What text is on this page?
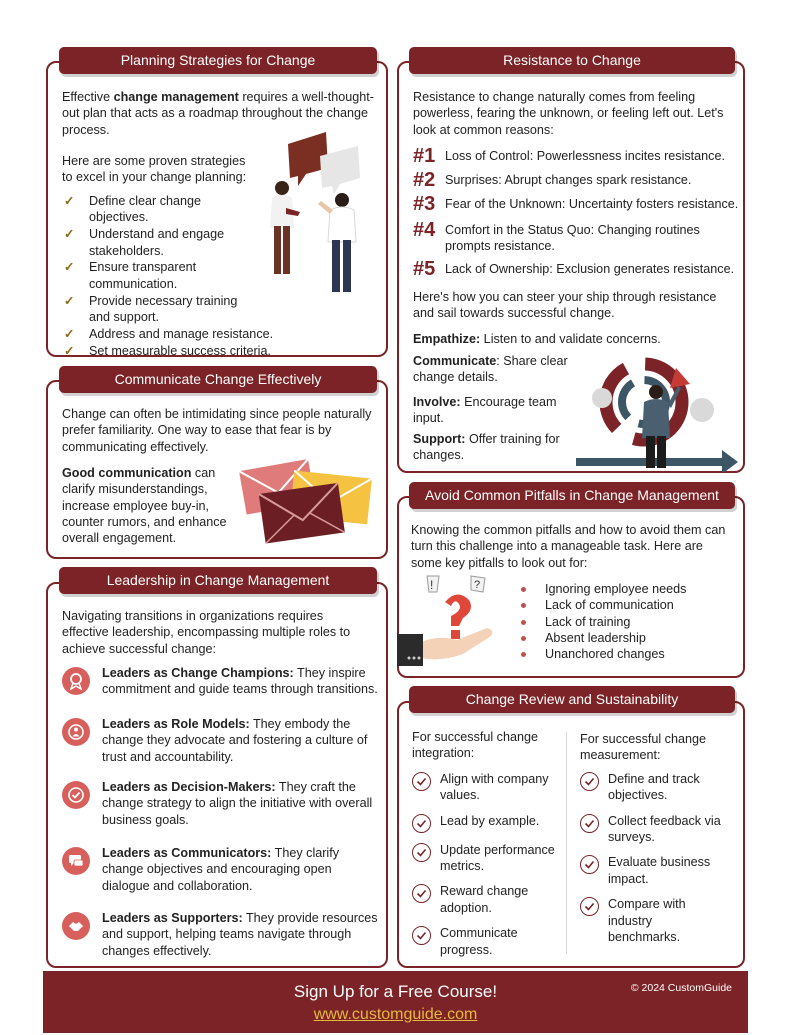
Planning Strategies for Change
Effective change management requires a well-thought-out plan that acts as a roadmap throughout the change process.
Here are some proven strategies to excel in your change planning:
✓ Define clear change objectives.
✓ Understand and engage stakeholders.
✓ Ensure transparent communication.
✓ Provide necessary training and support.
✓ Address and manage resistance.
✓ Set measurable success criteria.
Communicate Change Effectively
Change can often be intimidating since people naturally prefer familiarity. One way to ease that fear is by communicating effectively.
Good communication can clarify misunderstandings, increase employee buy-in, counter rumors, and enhance overall engagement.
Leadership in Change Management
Navigating transitions in organizations requires effective leadership, encompassing multiple roles to achieve successful change:
Leaders as Change Champions: They inspire commitment and guide teams through transitions.
Leaders as Role Models: They embody the change they advocate and fostering a culture of trust and accountability.
Leaders as Decision-Makers: They craft the change strategy to align the initiative with overall business goals.
Leaders as Communicators: They clarify change objectives and encouraging open dialogue and collaboration.
Leaders as Supporters: They provide resources and support, helping teams navigate through changes effectively.
Resistance to Change
Resistance to change naturally comes from feeling powerless, fearing the unknown, or feeling left out. Let's look at common reasons:
#1 Loss of Control: Powerlessness incites resistance.
#2 Surprises: Abrupt changes spark resistance.
#3 Fear of the Unknown: Uncertainty fosters resistance.
#4 Comfort in the Status Quo: Changing routines prompts resistance.
#5 Lack of Ownership: Exclusion generates resistance.
Here's how you can steer your ship through resistance and sail towards successful change.
Empathize: Listen to and validate concerns.
Communicate: Share clear change details.
Involve: Encourage team input.
Support: Offer training for changes.
Avoid Common Pitfalls in Change Management
Knowing the common pitfalls and how to avoid them can turn this challenge into a manageable task. Here are some key pitfalls to look out for:
!	?	Ignoring employee needs
Lack of communication
Lack of training
Absent leadership
Unanchored changes
Change Review and Sustainability
For successful change integration:
Align with company values.
Lead by example.
Update performance metrics.
Reward change adoption.
Communicate progress.
For successful change measurement:
Define and track objectives.
Collect feedback via surveys.
Evaluate business impact.
Compare with industry benchmarks.
Sign Up for a Free Course!
www.customguide.com
© 2024 CustomGuide
